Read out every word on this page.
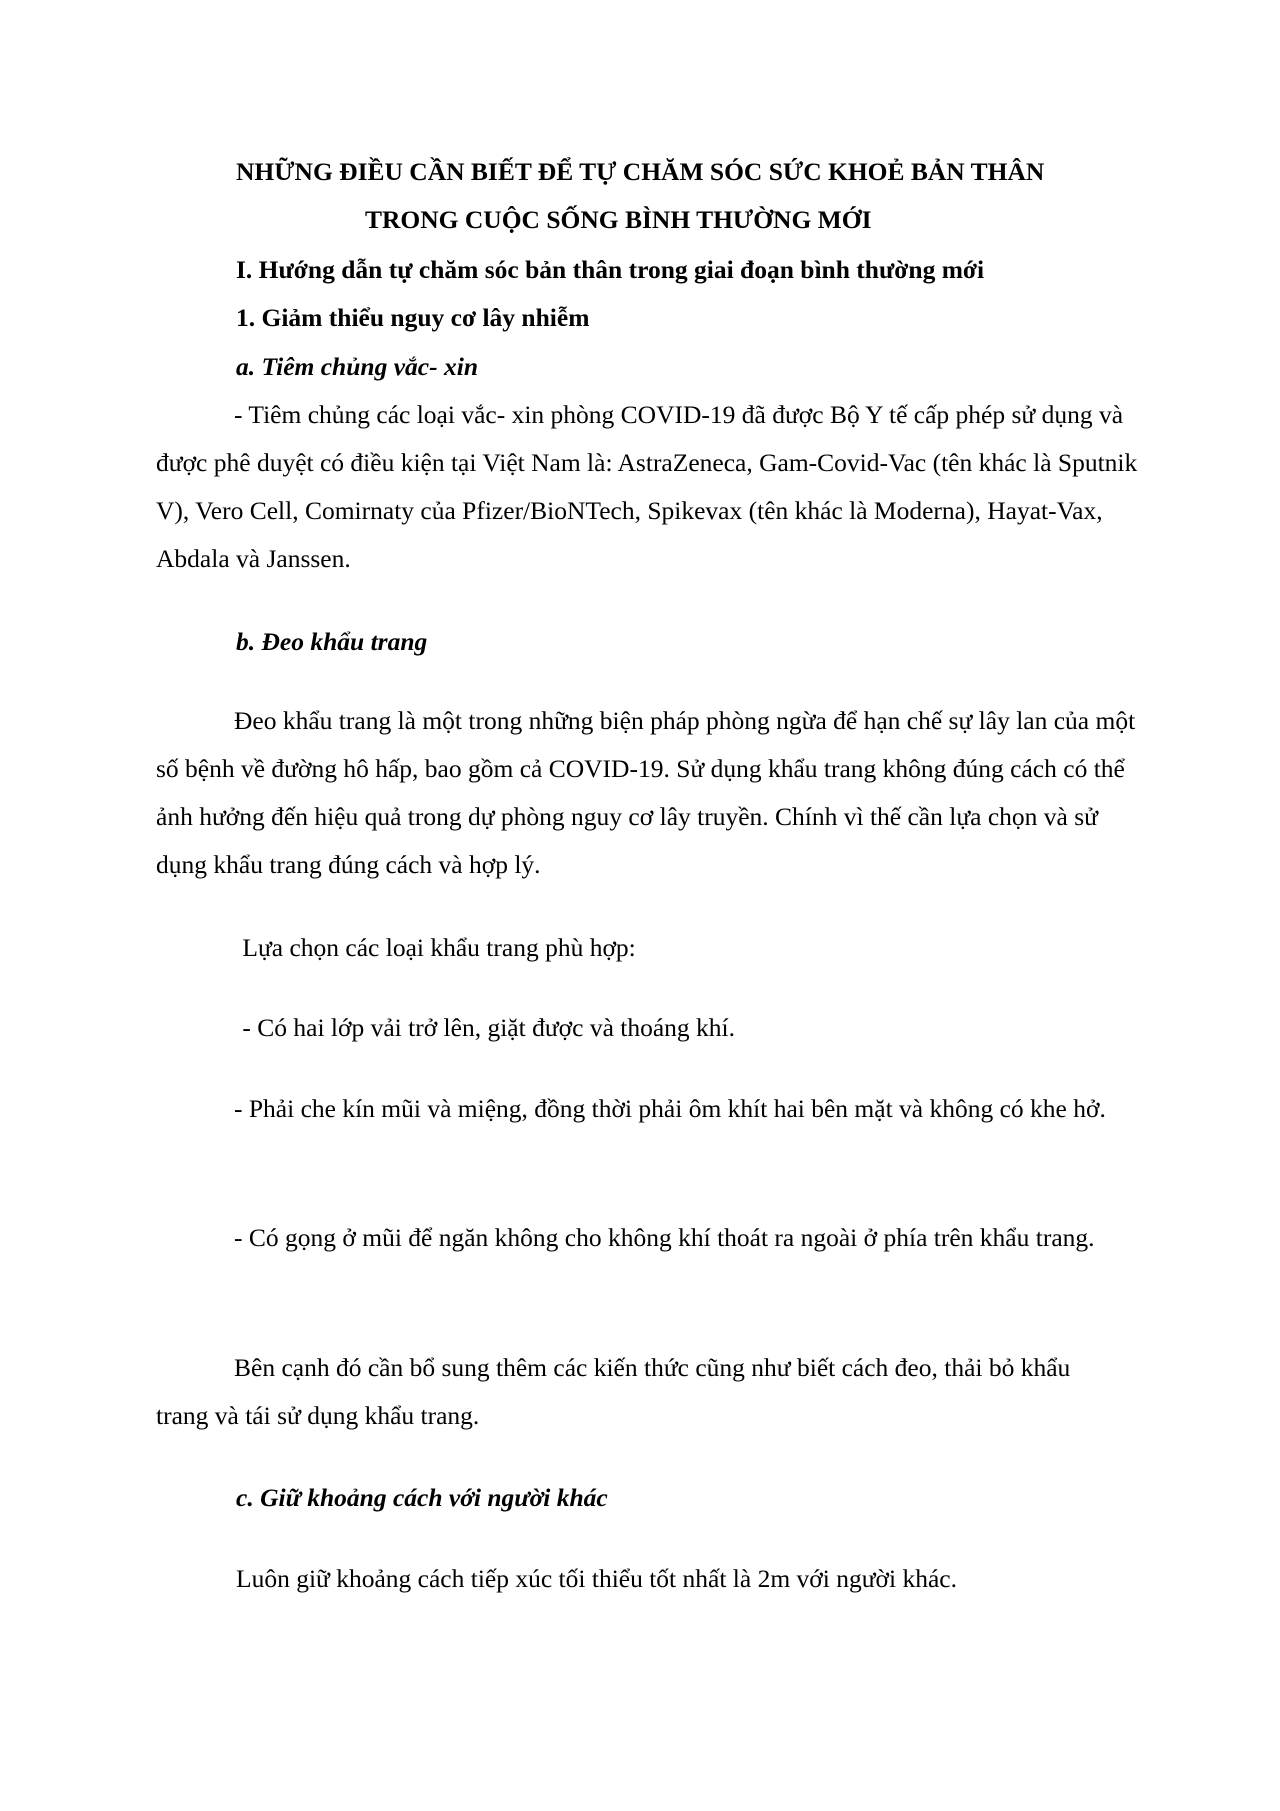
NHỮNG ĐIỀU CẦN BIẾT ĐỂ TỰ CHĂM SÓC SỨC KHOẺ BẢN THÂN

TRONG CUỘC SỐNG BÌNH THƯỜNG MỚI

I. Hướng dẫn tự chăm sóc bản thân trong giai đoạn bình thường mới

1. Giảm thiểu nguy cơ lây nhiễm

a. Tiêm chủng vắc- xin

- Tiêm chủng các loại vắc- xin phòng COVID-19 đã được Bộ Y tế cấp phép sử dụng và được phê duyệt có điều kiện tại Việt Nam là: AstraZeneca, Gam-Covid-Vac (tên khác là Sputnik V), Vero Cell, Comirnaty của Pfizer/BioNTech, Spikevax (tên khác là Moderna), Hayat-Vax, Abdala và Janssen.

b. Đeo khẩu trang

Đeo khẩu trang là một trong những biện pháp phòng ngừa để hạn chế sự lây lan của một số bệnh về đường hô hấp, bao gồm cả COVID-19. Sử dụng khẩu trang không đúng cách có thể ảnh hưởng đến hiệu quả trong dự phòng nguy cơ lây truyền. Chính vì thế cần lựa chọn và sử dụng khẩu trang đúng cách và hợp lý.

Lựa chọn các loại khẩu trang phù hợp:

- Có hai lớp vải trở lên, giặt được và thoáng khí.

- Phải che kín mũi và miệng, đồng thời phải ôm khít hai bên mặt và không có khe hở.

- Có gọng ở mũi để ngăn không cho không khí thoát ra ngoài ở phía trên khẩu trang.

Bên cạnh đó cần bổ sung thêm các kiến thức cũng như biết cách đeo, thải bỏ khẩu trang và tái sử dụng khẩu trang.

c. Giữ khoảng cách với người khác

Luôn giữ khoảng cách tiếp xúc tối thiểu tốt nhất là 2m với người khác.
